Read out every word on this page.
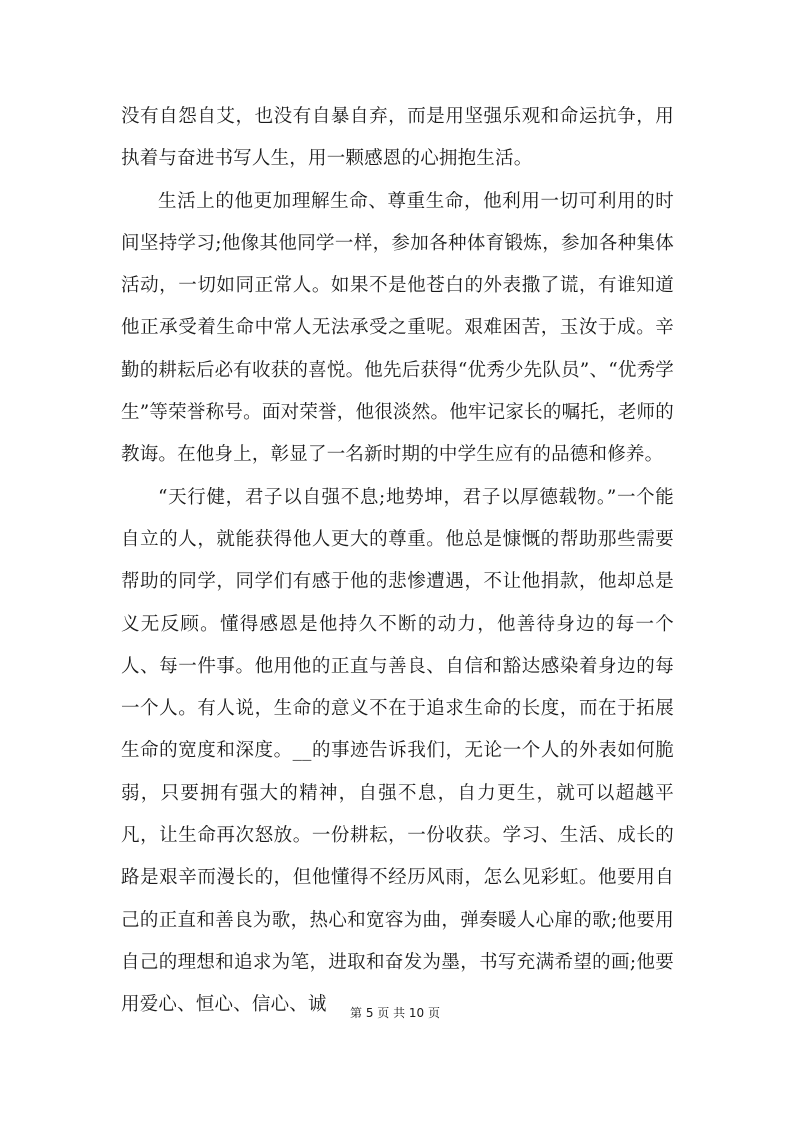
没有自怨自艾，也没有自暴自弃，而是用坚强乐观和命运抗争，用执着与奋进书写人生，用一颗感恩的心拥抱生活。

生活上的他更加理解生命、尊重生命，他利用一切可利用的时间坚持学习;他像其他同学一样，参加各种体育锻炼，参加各种集体活动，一切如同正常人。如果不是他苍白的外表撒了谎，有谁知道他正承受着生命中常人无法承受之重呢。艰难困苦，玉汝于成。辛勤的耕耘后必有收获的喜悦。他先后获得“优秀少先队员”、“优秀学生”等荣誉称号。面对荣誉，他很淡然。他牢记家长的嘱托，老师的教诲。在他身上，彰显了一名新时期的中学生应有的品德和修养。

“天行健，君子以自强不息;地势坤，君子以厚德载物。”一个能自立的人，就能获得他人更大的尊重。他总是慷慨的帮助那些需要帮助的同学，同学们有感于他的悲惨遭遇，不让他捐款，他却总是义无反顾。懂得感恩是他持久不断的动力，他善待身边的每一个人、每一件事。他用他的正直与善良、自信和豁达感染着身边的每一个人。有人说，生命的意义不在于追求生命的长度，而在于拓展生命的宽度和深度。__的事迹告诉我们，无论一个人的外表如何脆弱，只要拥有强大的精神，自强不息，自力更生，就可以超越平凡，让生命再次怒放。一份耕耘，一份收获。学习、生活、成长的路是艰辛而漫长的，但他懂得不经历风雨，怎么见彩虹。他要用自己的正直和善良为歌，热心和宽容为曲，弹奏暖人心扉的歌;他要用自己的理想和追求为笔，进取和奋发为墨，书写充满希望的画;他要用爱心、恒心、信心、诚	第 5 页 共 10 页
